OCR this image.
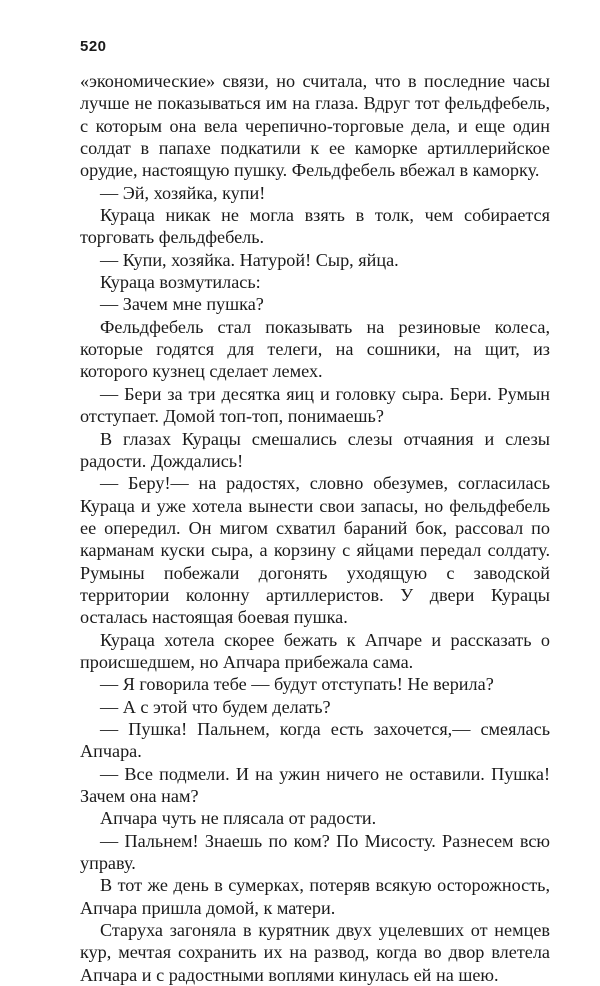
520

«экономические» связи, но считала, что в последние часы лучше не показываться им на глаза. Вдруг тот фельдфебель, с которым она вела черепично-торговые дела, и еще один солдат в папахе подкатили к ее каморке артиллерийское орудие, настоящую пушку. Фельдфебель вбежал в каморку.

— Эй, хозяйка, купи!

Кураца никак не могла взять в толк, чем собирается торговать фельдфебель.

— Купи, хозяйка. Натурой! Сыр, яйца.

Кураца возмутилась:

— Зачем мне пушка?

Фельдфебель стал показывать на резиновые колеса, которые годятся для телеги, на сошники, на щит, из которого кузнец сделает лемех.

— Бери за три десятка яиц и головку сыра. Бери. Румын отступает. Домой топ-топ, понимаешь?

В глазах Курацы смешались слезы отчаяния и слезы радости. Дождались!

— Беру!— на радостях, словно обезумев, согласилась Кураца и уже хотела вынести свои запасы, но фельдфебель ее опередил. Он мигом схватил бараний бок, рассовал по карманам куски сыра, а корзину с яйцами передал солдату. Румыны побежали догонять уходящую с заводской территории колонну артиллеристов. У двери Курацы осталась настоящая боевая пушка.

Кураца хотела скорее бежать к Апчаре и рассказать о происшедшем, но Апчара прибежала сама.

— Я говорила тебе — будут отступать! Не верила?

— А с этой что будем делать?

— Пушка! Пальнем, когда есть захочется,— смеялась Апчара.

— Все подмели. И на ужин ничего не оставили. Пушка! Зачем она нам?

Апчара чуть не плясала от радости.

— Пальнем! Знаешь по ком? По Мисосту. Разнесем всю управу.

В тот же день в сумерках, потеряв всякую осторожность, Апчара пришла домой, к матери.

Старуха загоняла в курятник двух уцелевших от немцев кур, мечтая сохранить их на развод, когда во двор влетела Апчара и с радостными воплями кинулась ей на шею.
